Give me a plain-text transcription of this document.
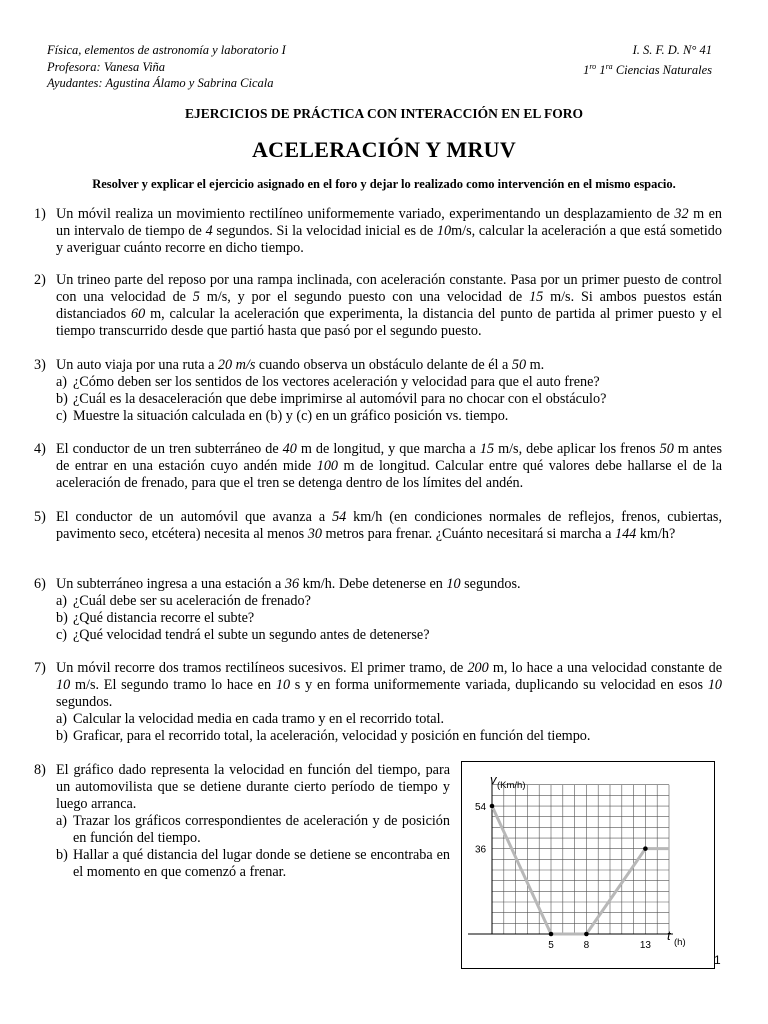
Física, elementos de astronomía y laboratorio I
Profesora: Vanesa Viña
Ayudantes: Agustina Álamo y Sabrina Cicala
I. S. F. D. N° 41
$1^{ro}$ $1^{ra}$ Ciencias Naturales
EJERCICIOS DE PRÁCTICA CON INTERACCIÓN EN EL FORO
ACELERACIÓN Y MRUV
Resolver y explicar el ejercicio asignado en el foro y dejar lo realizado como intervención en el mismo espacio.
1) Un móvil realiza un movimiento rectilíneo uniformemente variado, experimentando un desplazamiento de 32 m en un intervalo de tiempo de 4 segundos. Si la velocidad inicial es de 10m/s, calcular la aceleración a que está sometido y averiguar cuánto recorre en dicho tiempo.
2) Un trineo parte del reposo por una rampa inclinada, con aceleración constante. Pasa por un primer puesto de control con una velocidad de 5 m/s, y por el segundo puesto con una velocidad de 15 m/s. Si ambos puestos están distanciados 60 m, calcular la aceleración que experimenta, la distancia del punto de partida al primer puesto y el tiempo transcurrido desde que partió hasta que pasó por el segundo puesto.
3) Un auto viaja por una ruta a 20 m/s cuando observa un obstáculo delante de él a 50 m.
a) ¿Cómo deben ser los sentidos de los vectores aceleración y velocidad para que el auto frene?
b) ¿Cuál es la desaceleración que debe imprimirse al automóvil para no chocar con el obstáculo?
c) Muestre la situación calculada en (b) y (c) en un gráfico posición vs. tiempo.
4) El conductor de un tren subterráneo de 40 m de longitud, y que marcha a 15 m/s, debe aplicar los frenos 50 m antes de entrar en una estación cuyo andén mide 100 m de longitud. Calcular entre qué valores debe hallarse el de la aceleración de frenado, para que el tren se detenga dentro de los límites del andén.
5) El conductor de un automóvil que avanza a 54 km/h (en condiciones normales de reflejos, frenos, cubiertas, pavimento seco, etcétera) necesita al menos 30 metros para frenar. ¿Cuánto necesitará si marcha a 144 km/h?
6) Un subterráneo ingresa a una estación a 36 km/h. Debe detenerse en 10 segundos.
a) ¿Cuál debe ser su aceleración de frenado?
b) ¿Qué distancia recorre el subte?
c) ¿Qué velocidad tendrá el subte un segundo antes de detenerse?
7) Un móvil recorre dos tramos rectilíneos sucesivos. El primer tramo, de 200 m, lo hace a una velocidad constante de 10 m/s. El segundo tramo lo hace en 10 s y en forma uniformemente variada, duplicando su velocidad en esos 10 segundos.
a) Calcular la velocidad media en cada tramo y en el recorrido total.
b) Graficar, para el recorrido total, la aceleración, velocidad y posición en función del tiempo.
8) El gráfico dado representa la velocidad en función del tiempo, para un automovilista que se detiene durante cierto período de tiempo y luego arranca.
a) Trazar los gráficos correspondientes de aceleración y de posición en función del tiempo.
b) Hallar a qué distancia del lugar donde se detiene se encontraba en el momento en que comenzó a frenar.
v (Km/h)
t (h)
5	8	13
54
36
1
